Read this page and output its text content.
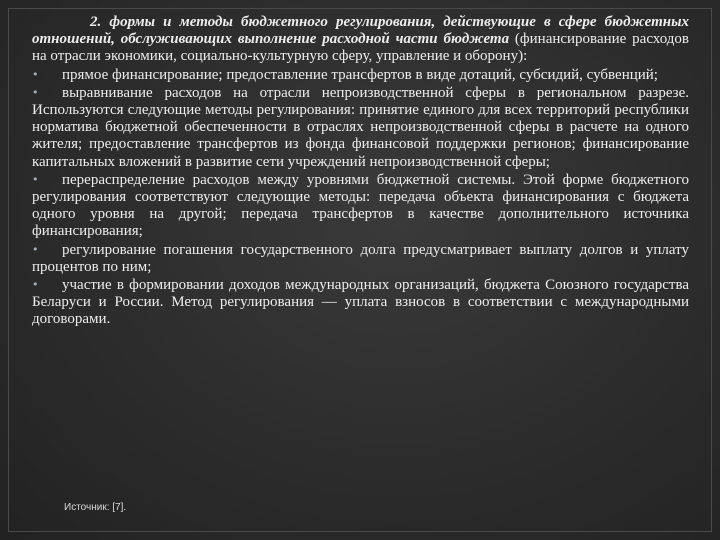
2. формы и методы бюджетного регулирования, действующие в сфере бюджетных отношений, обслуживающих выполнение расходной части бюджета (финансирование расходов на отрасли экономики, социально-культурную сферу, управление и оборону):

• прямое финансирование; предоставление трансфертов в виде дотаций, субсидий, субвенций;

• выравнивание расходов на отрасли непроизводственной сферы в региональном разрезе. Используются следующие методы регулирования: принятие единого для всех территорий республики норматива бюджетной обеспеченности в отраслях непроизводственной сферы в расчете на одного жителя; предоставление трансфертов из фонда финансовой поддержки регионов; финансирование капитальных вложений в развитие сети учреждений непроизводственной сферы;

• перераспределение расходов между уровнями бюджетной системы. Этой форме бюджетного регулирования соответствуют следующие методы: передача объекта финансирования с бюджета одного уровня на другой; передача трансфертов в качестве дополнительного источника финансирования;

• регулирование погашения государственного долга предусматривает выплату долгов и уплату процентов по ним;

• участие в формировании доходов международных организаций, бюджета Союзного государства Беларуси и России. Метод регулирования — уплата взносов в соответствии с международными договорами.

Источник: [7].
